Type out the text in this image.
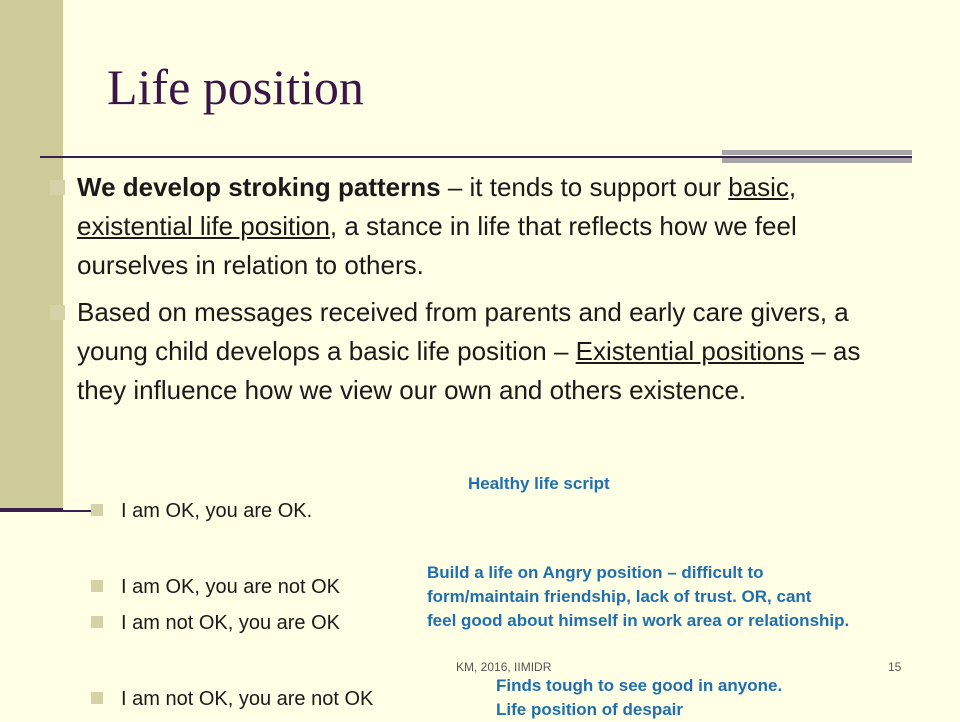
Life position
We develop stroking patterns – it tends to support our basic, existential life position, a stance in life that reflects how we feel ourselves in relation to others.
Based on messages received from parents and early care givers, a young child develops a basic life position – Existential positions – as they influence how we view our own and others existence.
Healthy life script
I am OK, you are OK.
I am OK, you are not OK
I am not OK, you are OK
I am not OK, you are not OK
Build a life on Angry position – difficult to
form/maintain friendship, lack of trust. OR, cant
feel good about himself in work area or relationship.
KM, 2016, IIMIDR	15
Finds tough to see good in anyone.
Life position of despair
